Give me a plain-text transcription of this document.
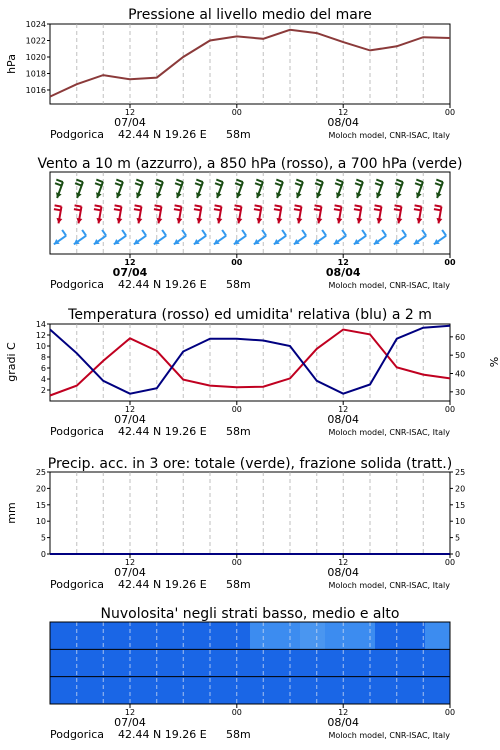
Pressione al livello medio del mare
hPa
1016
1018
1020
1022
1024
12	00	12	00
07/04	08/04
Podgorica 42.44 N 19.26 E 58m	Moloch model, CNR-ISAC, Italy
Vento a 10 m (azzurro), a 850 hPa (rosso), a 700 hPa (verde)
12	00	12	00
07/04	08/04
Podgorica 42.44 N 19.26 E 58m	Moloch model, CNR-ISAC, Italy
Temperatura (rosso) ed umidita' relativa (blu) a 2 m
gradi C	%
2
4
6
8
10
12
14
30
40
50
60
12	00	12	00
07/04	08/04
Podgorica 42.44 N 19.26 E 58m	Moloch model, CNR-ISAC, Italy
Precip. acc. in 3 ore: totale (verde), frazione solida (tratt.)
mm
0
5
10
15
20
25
0
5
10
15
20
25
12	00	12	00
07/04	08/04
Podgorica 42.44 N 19.26 E 58m	Moloch model, CNR-ISAC, Italy
Nuvolosita' negli strati basso, medio e alto
12	00	12	00
07/04	08/04
Podgorica 42.44 N 19.26 E 58m	Moloch model, CNR-ISAC, Italy
